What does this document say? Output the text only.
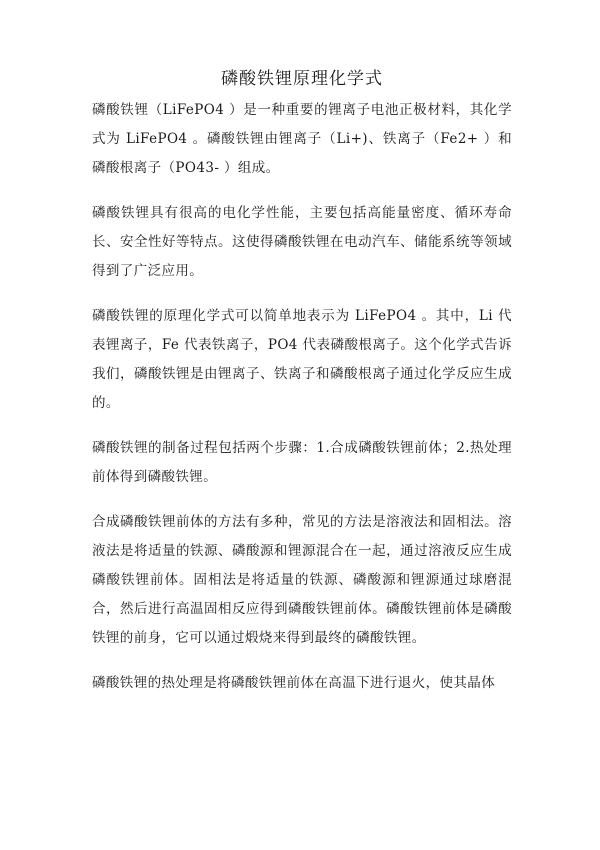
磷酸铁锂原理化学式

磷酸铁锂（LiFePO4 ）是一种重要的锂离子电池正极材料，其化学式为 LiFePO4 。磷酸铁锂由锂离子（Li+)、铁离子（Fe2+ ）和磷酸根离子（PO43- ）组成。

磷酸铁锂具有很高的电化学性能，主要包括高能量密度、循环寿命长、安全性好等特点。这使得磷酸铁锂在电动汽车、储能系统等领域得到了广泛应用。

磷酸铁锂的原理化学式可以简单地表示为 LiFePO4 。其中，Li 代表锂离子，Fe 代表铁离子，PO4 代表磷酸根离子。这个化学式告诉我们，磷酸铁锂是由锂离子、铁离子和磷酸根离子通过化学反应生成的。

磷酸铁锂的制备过程包括两个步骤：1.合成磷酸铁锂前体；2.热处理前体得到磷酸铁锂。

合成磷酸铁锂前体的方法有多种，常见的方法是溶液法和固相法。溶液法是将适量的铁源、磷酸源和锂源混合在一起，通过溶液反应生成磷酸铁锂前体。固相法是将适量的铁源、磷酸源和锂源通过球磨混合，然后进行高温固相反应得到磷酸铁锂前体。磷酸铁锂前体是磷酸铁锂的前身，它可以通过煅烧来得到最终的磷酸铁锂。

磷酸铁锂的热处理是将磷酸铁锂前体在高温下进行退火，使其晶体
